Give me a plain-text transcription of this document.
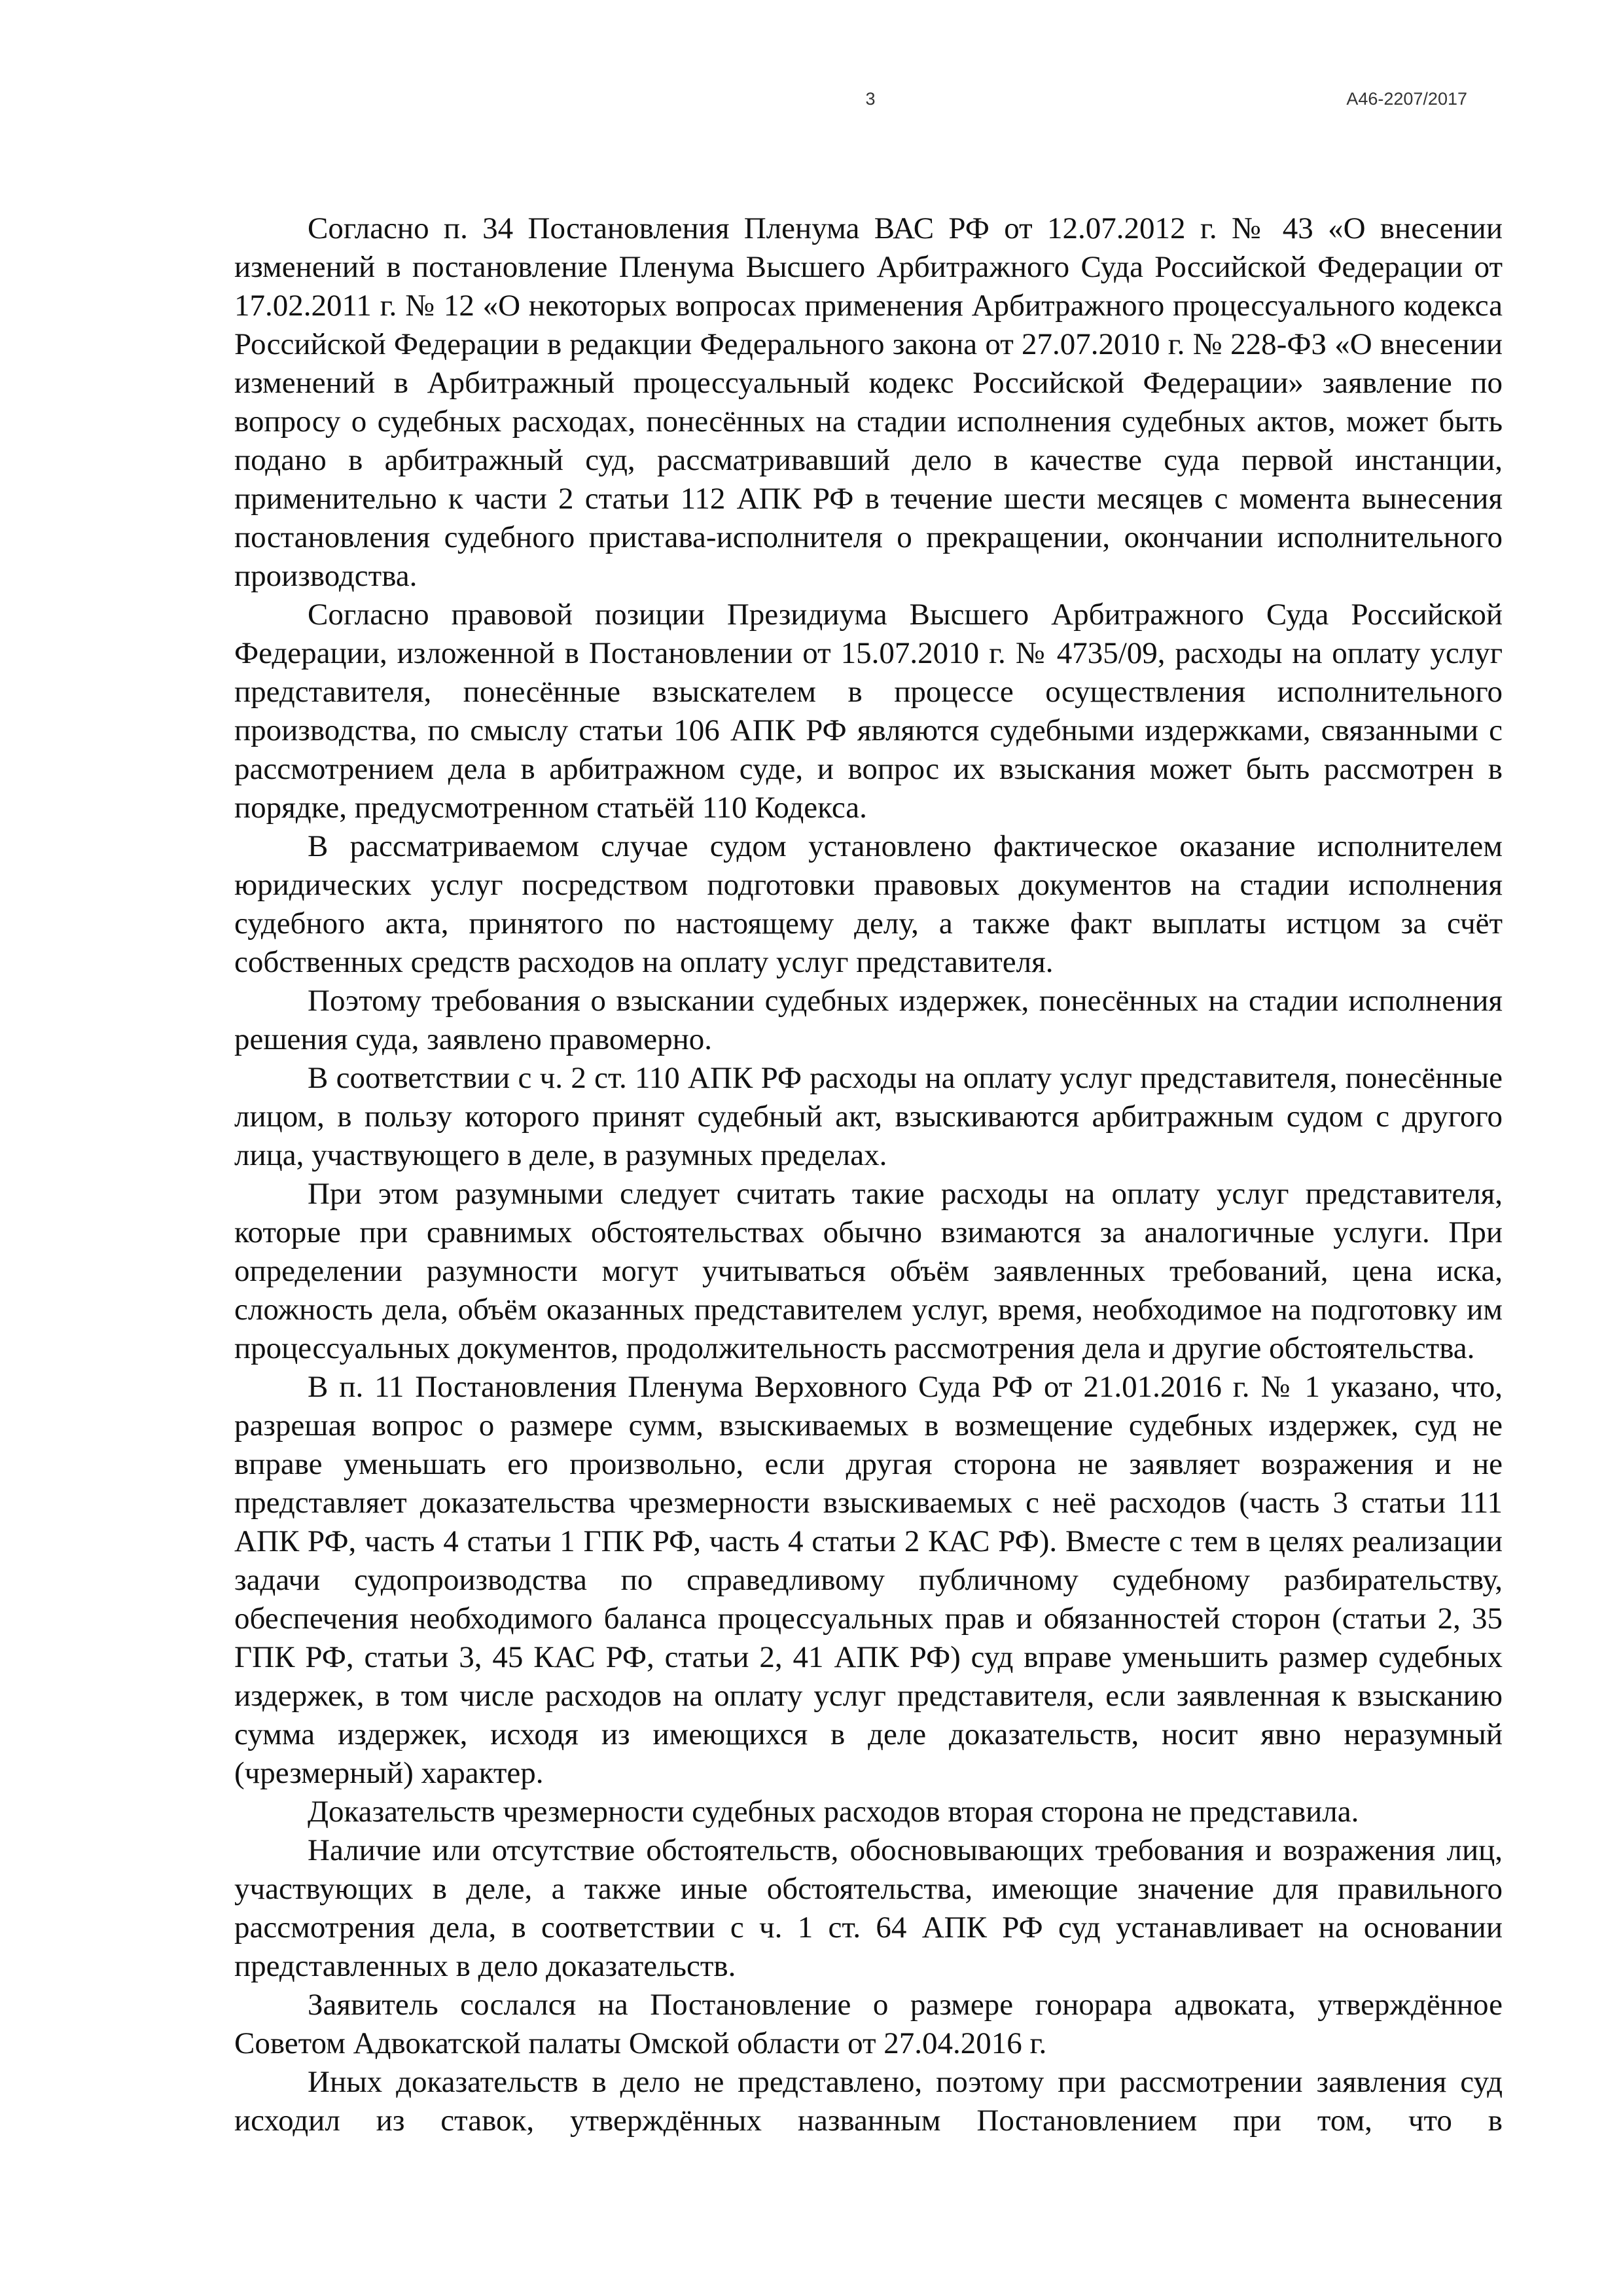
3	А46-2207/2017

Согласно п. 34 Постановления Пленума ВАС РФ от 12.07.2012 г. № 43 «О внесении изменений в постановление Пленума Высшего Арбитражного Суда Российской Федерации от 17.02.2011 г. № 12 «О некоторых вопросах применения Арбитражного процессуального кодекса Российской Федерации в редакции Федерального закона от 27.07.2010 г. № 228-ФЗ «О внесении изменений в Арбитражный процессуальный кодекс Российской Федерации» заявление по вопросу о судебных расходах, понесённых на стадии исполнения судебных актов, может быть подано в арбитражный суд, рассматривавший дело в качестве суда первой инстанции, применительно к части 2 статьи 112 АПК РФ в течение шести месяцев с момента вынесения постановления судебного пристава-исполнителя о прекращении, окончании исполнительного производства.

Согласно правовой позиции Президиума Высшего Арбитражного Суда Российской Федерации, изложенной в Постановлении от 15.07.2010 г. № 4735/09, расходы на оплату услуг представителя, понесённые взыскателем в процессе осуществления исполнительного производства, по смыслу статьи 106 АПК РФ являются судебными издержками, связанными с рассмотрением дела в арбитражном суде, и вопрос их взыскания может быть рассмотрен в порядке, предусмотренном статьёй 110 Кодекса.

В рассматриваемом случае судом установлено фактическое оказание исполнителем юридических услуг посредством подготовки правовых документов на стадии исполнения судебного акта, принятого по настоящему делу, а также факт выплаты истцом за счёт собственных средств расходов на оплату услуг представителя.

Поэтому требования о взыскании судебных издержек, понесённых на стадии исполнения решения суда, заявлено правомерно.

В соответствии с ч. 2 ст. 110 АПК РФ расходы на оплату услуг представителя, понесённые лицом, в пользу которого принят судебный акт, взыскиваются арбитражным судом с другого лица, участвующего в деле, в разумных пределах.

При этом разумными следует считать такие расходы на оплату услуг представителя, которые при сравнимых обстоятельствах обычно взимаются за аналогичные услуги. При определении разумности могут учитываться объём заявленных требований, цена иска, сложность дела, объём оказанных представителем услуг, время, необходимое на подготовку им процессуальных документов, продолжительность рассмотрения дела и другие обстоятельства.

В п. 11 Постановления Пленума Верховного Суда РФ от 21.01.2016 г. № 1 указано, что, разрешая вопрос о размере сумм, взыскиваемых в возмещение судебных издержек, суд не вправе уменьшать его произвольно, если другая сторона не заявляет возражения и не представляет доказательства чрезмерности взыскиваемых с неё расходов (часть 3 статьи 111 АПК РФ, часть 4 статьи 1 ГПК РФ, часть 4 статьи 2 КАС РФ). Вместе с тем в целях реализации задачи судопроизводства по справедливому публичному судебному разбирательству, обеспечения необходимого баланса процессуальных прав и обязанностей сторон (статьи 2, 35 ГПК РФ, статьи 3, 45 КАС РФ, статьи 2, 41 АПК РФ) суд вправе уменьшить размер судебных издержек, в том числе расходов на оплату услуг представителя, если заявленная к взысканию сумма издержек, исходя из имеющихся в деле доказательств, носит явно неразумный (чрезмерный) характер.

Доказательств чрезмерности судебных расходов вторая сторона не представила.

Наличие или отсутствие обстоятельств, обосновывающих требования и возражения лиц, участвующих в деле, а также иные обстоятельства, имеющие значение для правильного рассмотрения дела, в соответствии с ч. 1 ст. 64 АПК РФ суд устанавливает на основании представленных в дело доказательств.

Заявитель сослался на Постановление о размере гонорара адвоката, утверждённое Советом Адвокатской палаты Омской области от 27.04.2016 г.

Иных доказательств в дело не представлено, поэтому при рассмотрении заявления суд исходил из ставок, утверждённых названным Постановлением при том, что в
